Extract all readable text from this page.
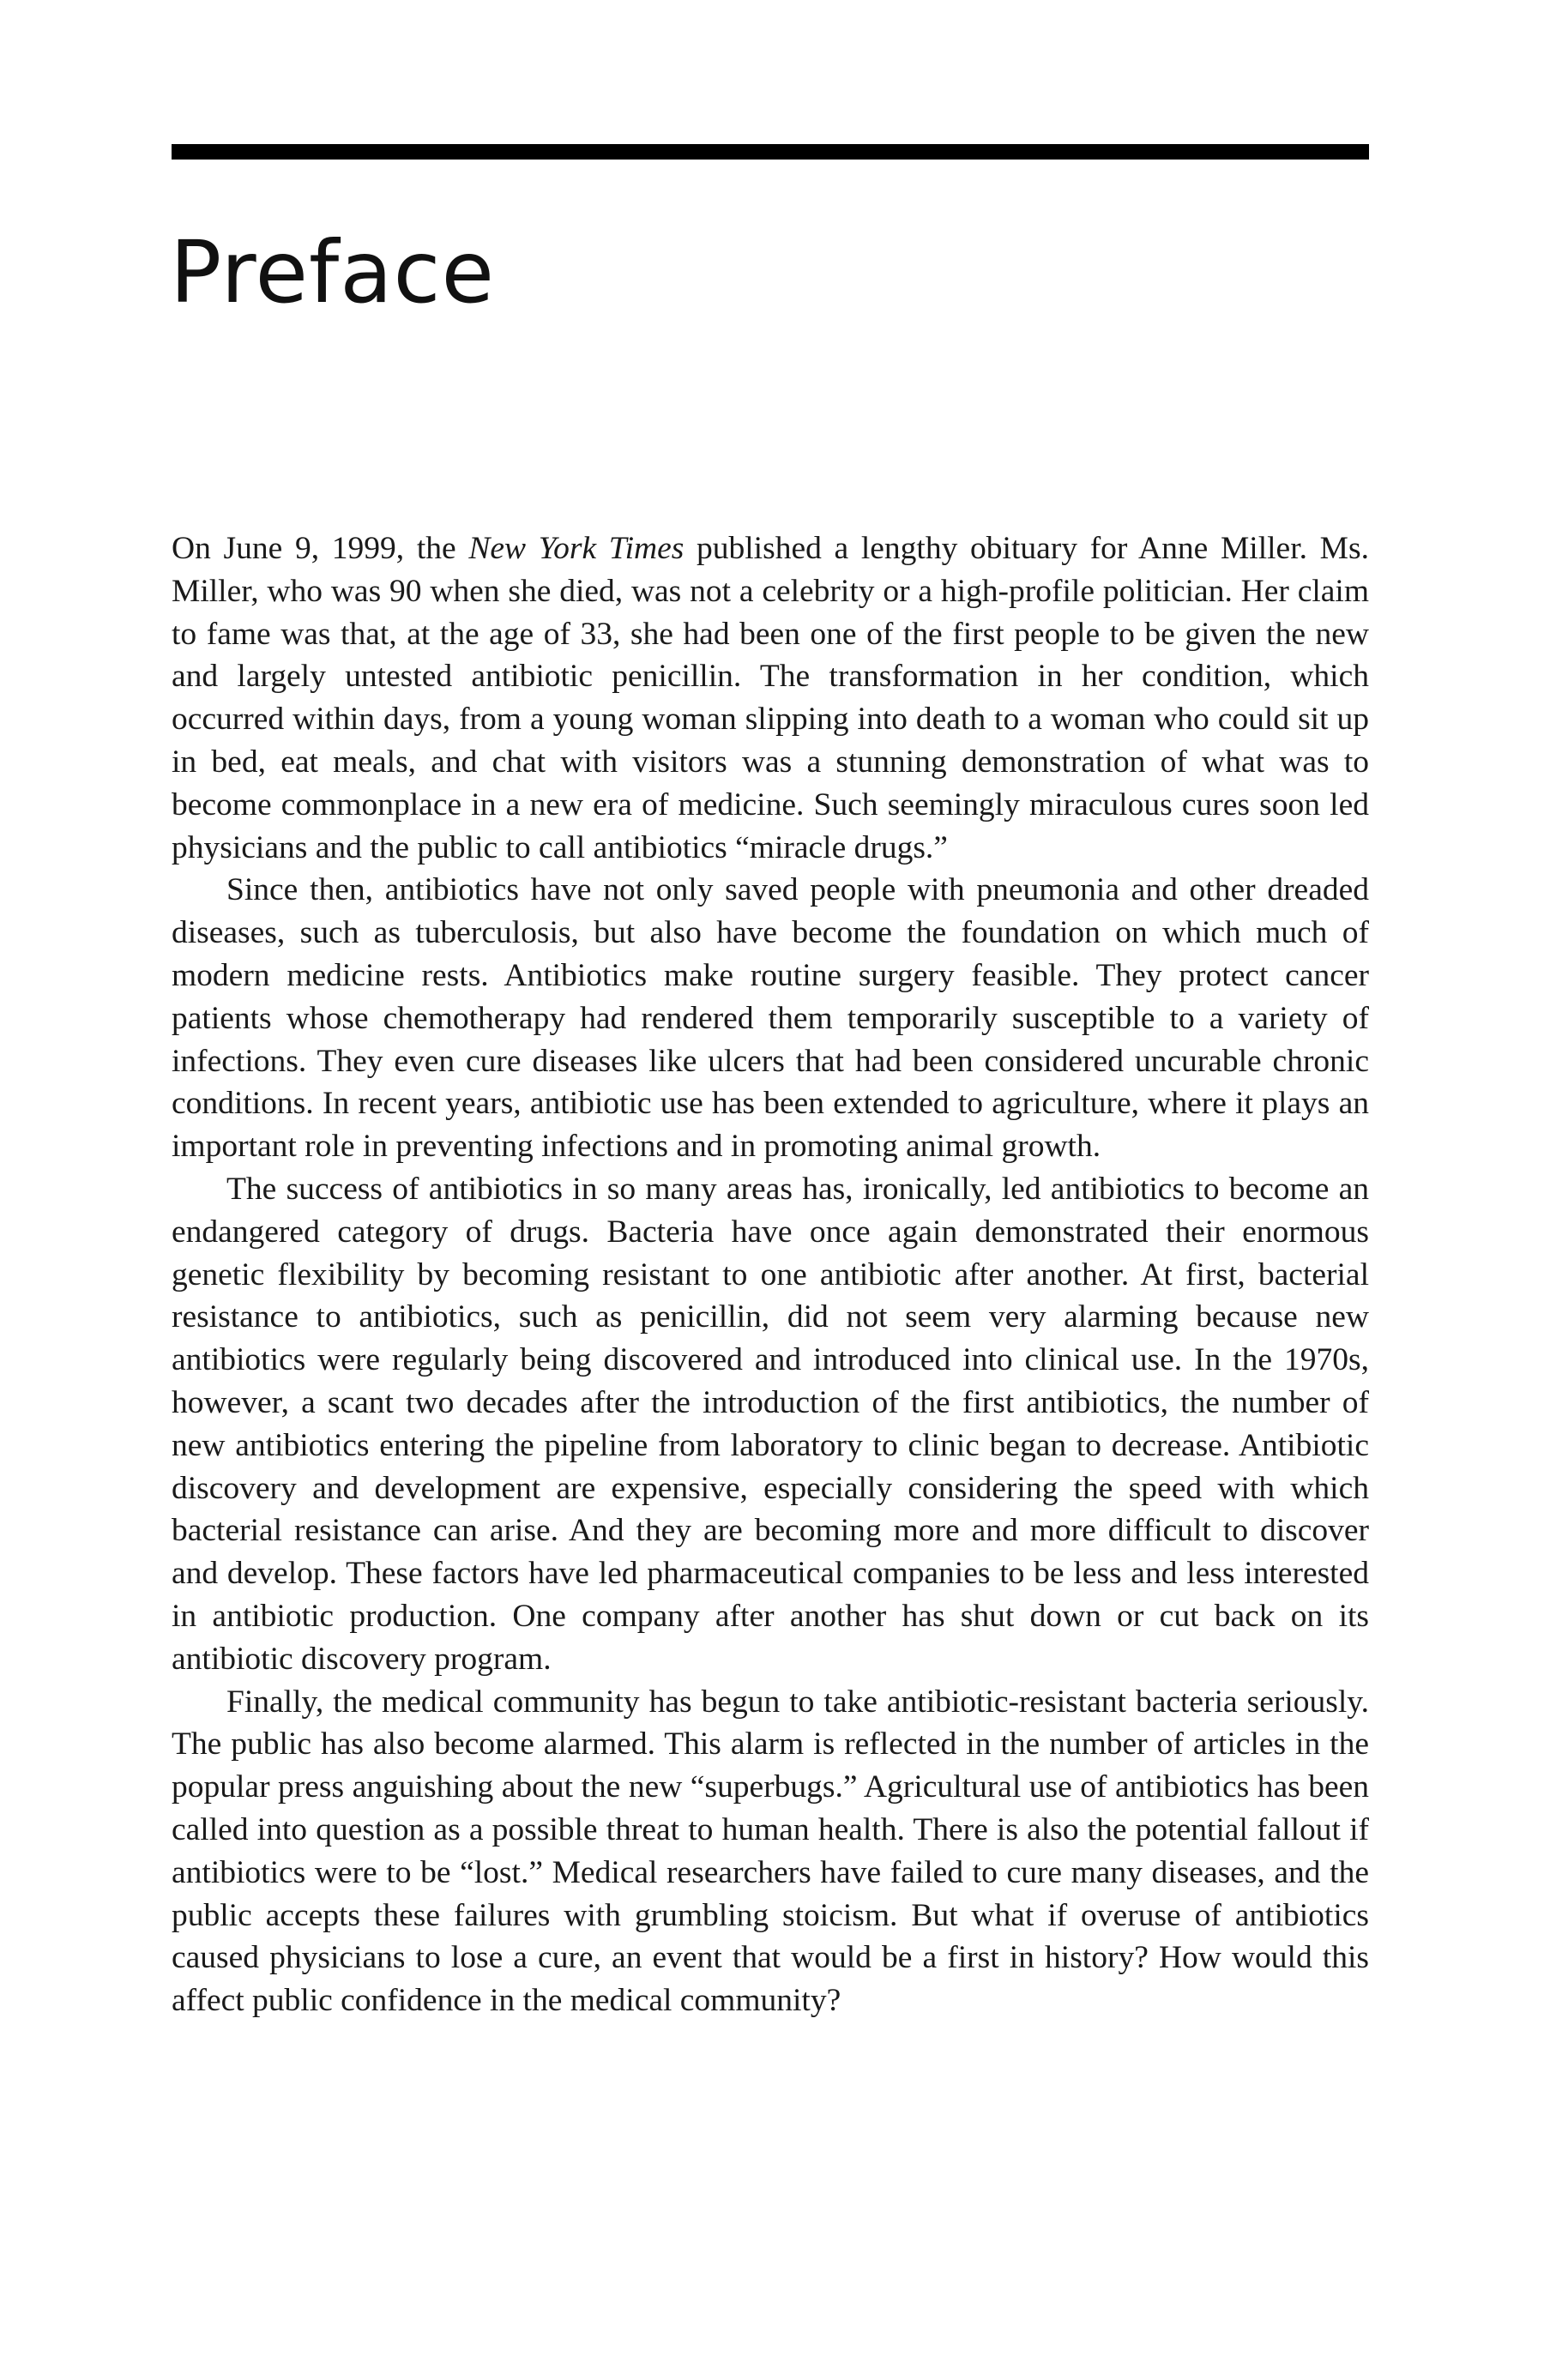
Preface

On June 9, 1999, the New York Times published a lengthy obituary for Anne Miller. Ms. Miller, who was 90 when she died, was not a celebrity or a high-profile politician. Her claim to fame was that, at the age of 33, she had been one of the first people to be given the new and largely untested antibiotic penicillin. The transformation in her condition, which occurred within days, from a young woman slipping into death to a woman who could sit up in bed, eat meals, and chat with visitors was a stunning demonstration of what was to become commonplace in a new era of medicine. Such seemingly miraculous cures soon led physicians and the public to call antibiotics “miracle drugs.”

Since then, antibiotics have not only saved people with pneumonia and other dreaded diseases, such as tuberculosis, but also have become the foundation on which much of modern medicine rests. Antibiotics make routine surgery feasible. They protect cancer patients whose chemotherapy had rendered them temporarily susceptible to a variety of infections. They even cure diseases like ulcers that had been considered uncurable chronic conditions. In recent years, antibiotic use has been extended to agriculture, where it plays an important role in preventing infections and in promoting animal growth.

The success of antibiotics in so many areas has, ironically, led antibiotics to become an endangered category of drugs. Bacteria have once again demonstrated their enormous genetic flexibility by becoming resistant to one antibiotic after another. At first, bacterial resistance to antibiotics, such as penicillin, did not seem very alarming because new antibiotics were regularly being discovered and introduced into clinical use. In the 1970s, however, a scant two decades after the introduction of the first antibiotics, the number of new antibiotics entering the pipeline from laboratory to clinic began to decrease. Antibiotic discovery and development are expensive, especially considering the speed with which bacterial resistance can arise. And they are becoming more and more difficult to discover and develop. These factors have led pharmaceutical companies to be less and less interested in antibiotic production. One company after another has shut down or cut back on its antibiotic discovery program.

Finally, the medical community has begun to take antibiotic-resistant bacteria seriously. The public has also become alarmed. This alarm is reflected in the number of articles in the popular press anguishing about the new “superbugs.” Agricultural use of antibiotics has been called into question as a possible threat to human health. There is also the potential fallout if antibiotics were to be “lost.” Medical researchers have failed to cure many diseases, and the public accepts these failures with grumbling stoicism. But what if overuse of antibiotics caused physicians to lose a cure, an event that would be a first in history? How would this affect public confidence in the medical community?
